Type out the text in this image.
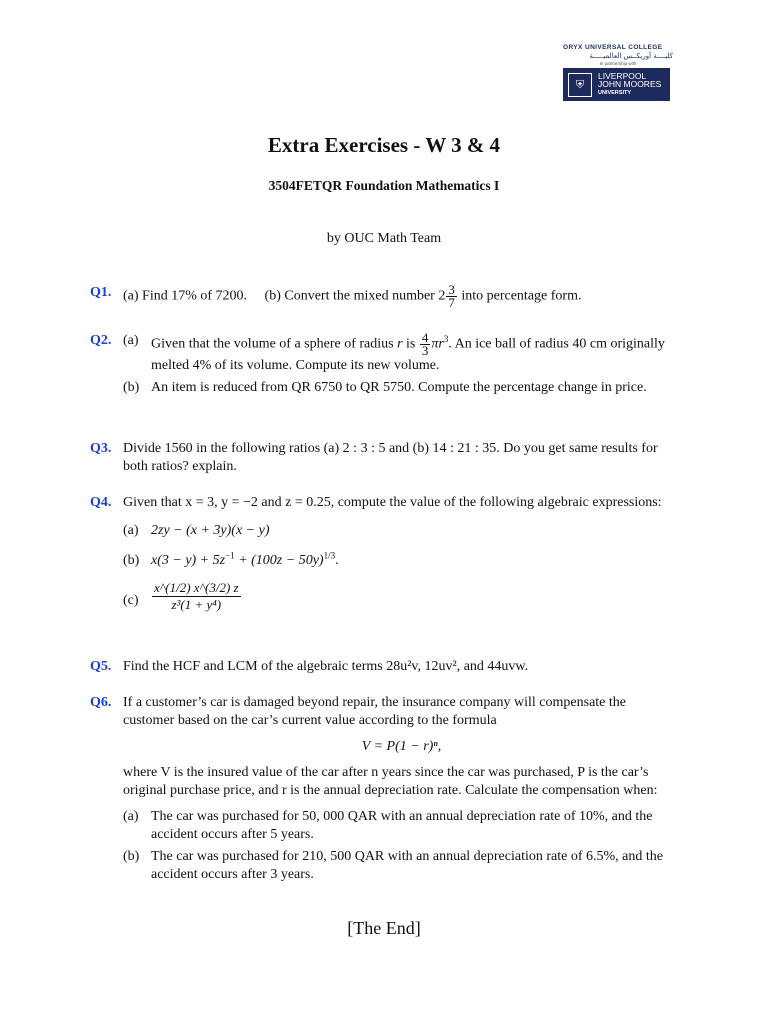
ORYX UNIVERSAL COLLEGE
كليــــة أوريكــس العالميـــــة
In partnership with
⛨
LIVERPOOL
JOHN MOORES
UNIVERSITY
Extra Exercises - W 3 & 4
3504FETQR Foundation Mathematics I
by OUC Math Team
Q1. (a) Find 17% of 7200. (b) Convert the mixed number $2 \frac{3}{7}$ into percentage form.
Q2. (a) Given that the volume of a sphere of radius r is $\frac{4}{3} \pi r^3$. An ice ball of radius 40 cm originally melted 4% of its volume. Compute its new volume.
(b) An item is reduced from QR 6750 to QR 5750. Compute the percentage change in price.
Q3. Divide 1560 in the following ratios (a) 2 : 3 : 5 and (b) 14 : 21 : 35. Do you get same results for both ratios? explain.
Q4. Given that x = 3, y = −2 and z = 0.25, compute the value of the following algebraic expressions:
(a) 2zy − (x + 3y)(x − y)
(b) $x(3 - y) + 5z^{-1} + (100z - 50y)^{1/3}$.
$(c) \frac{x\^{}(1/2) x\^{}(3/2) z}{\text{z³(1 + y⁴)}}$
Q5. Find the HCF and LCM of the algebraic terms 28u²v, 12uv², and 44uvw.
Q6. If a customer’s car is damaged beyond repair, the insurance company will compensate the customer based on the car’s current value according to the formula
V = P(1 − r)ⁿ,
where V is the insured value of the car after n years since the car was purchased, P is the car’s original purchase price, and r is the annual depreciation rate. Calculate the compensation when:
(a) The car was purchased for 50, 000 QAR with an annual depreciation rate of 10%, and the accident occurs after 5 years.
(b) The car was purchased for 210, 500 QAR with an annual depreciation rate of 6.5%, and the accident occurs after 3 years.
[The End]
